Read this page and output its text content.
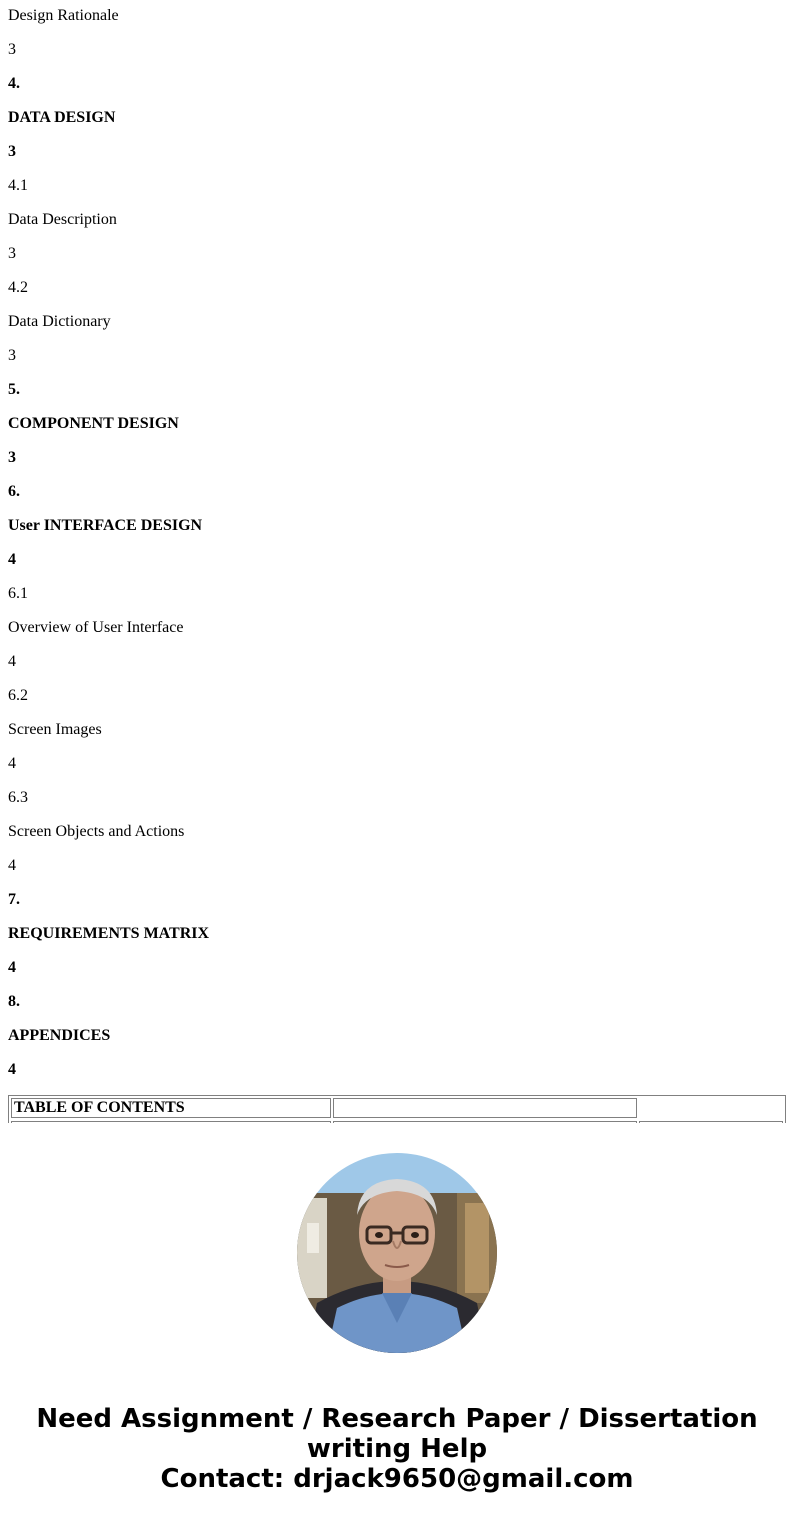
Design Rationale

3

4.

DATA DESIGN

3

4.1

Data Description

3

4.2

Data Dictionary

3

5.

COMPONENT DESIGN

3

6.

User INTERFACE DESIGN

4

6.1

Overview of User Interface

4

6.2

Screen Images

4

6.3

Screen Objects and Actions

4

7.

REQUIREMENTS MATRIX

4

8.

APPENDICES

4

TABLE OF CONTENTS

Need Assignment / Research Paper / Dissertation
writing Help
Contact: drjack9650@gmail.com
